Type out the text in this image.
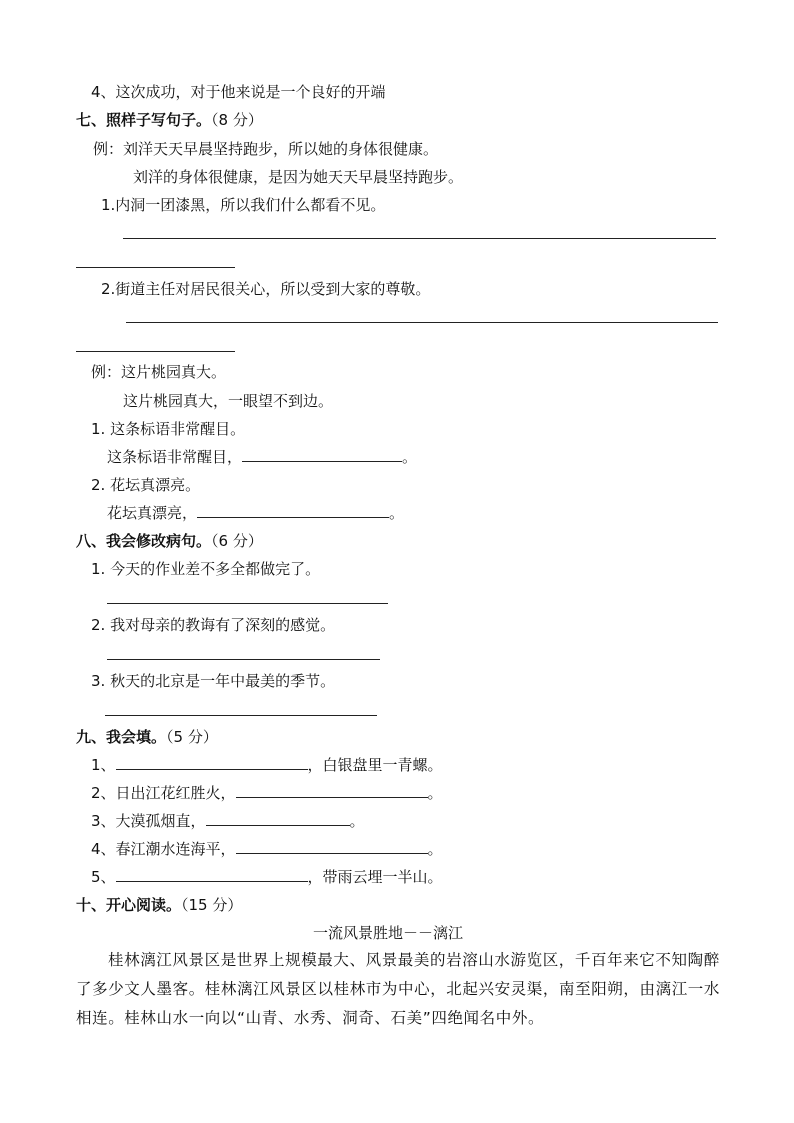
4、这次成功，对于他来说是一个良好的开端
七、照样子写句子。（8 分）
例：刘洋天天早晨坚持跑步，所以她的身体很健康。
刘洋的身体很健康，是因为她天天早晨坚持跑步。
1.内洞一团漆黑，所以我们什么都看不见。
2.街道主任对居民很关心，所以受到大家的尊敬。
例：这片桃园真大。
这片桃园真大，一眼望不到边。
1. 这条标语非常醒目。
这条标语非常醒目，	。
2. 花坛真漂亮。
花坛真漂亮，	。
八、我会修改病句。（6 分）
1. 今天的作业差不多全都做完了。
2. 我对母亲的教诲有了深刻的感觉。
3. 秋天的北京是一年中最美的季节。
九、我会填。（5 分）
1、	，白银盘里一青螺。
2、日出江花红胜火，	。
3、大漠孤烟直，	。
4、春江潮水连海平，	。
5、	，带雨云埋一半山。
十、开心阅读。（15 分）
一流风景胜地－－漓江
桂林漓江风景区是世界上规模最大、风景最美的岩溶山水游览区，千百年来它不知陶醉
了多少文人墨客。桂林漓江风景区以桂林市为中心，北起兴安灵渠，南至阳朔，由漓江一水
相连。桂林山水一向以“山青、水秀、洞奇、石美”四绝闻名中外。
